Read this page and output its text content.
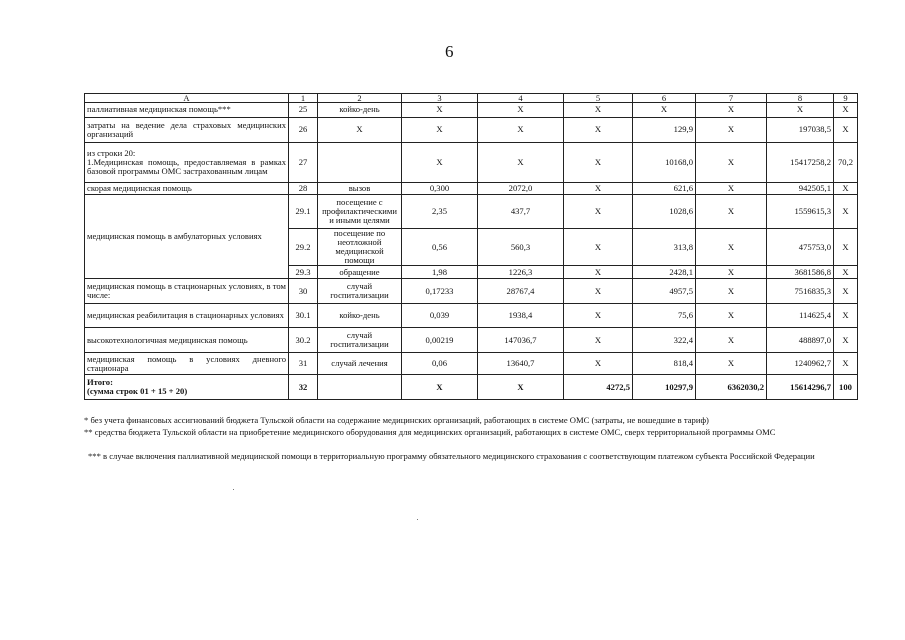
6
А	1	2	3	4	5	6	7	8	9
паллиативная медицинская помощь***	25	койко-день	Х	Х	Х	Х	Х	Х	Х
затраты на ведение дела страховых медицинских организаций	26	Х	Х	Х	Х	129,9	Х	197038,5	Х
из строки 20:
1.Медицинская помощь, предоставляемая в рамках базовой программы ОМС застрахованным лицам	27		Х	Х	Х	10168,0	Х	15417258,2	70,2
скорая медицинская помощь	28	вызов	0,300	2072,0	Х	621,6	Х	942505,1	Х
медицинская помощь в амбулаторных условиях	29.1	посещение с профилактическими и иными целями	2,35	437,7	Х	1028,6	Х	1559615,3	Х
	29.2	посещение по неотложной медицинской помощи	0,56	560,3	Х	313,8	Х	475753,0	Х
	29.3	обращение	1,98	1226,3	Х	2428,1	Х	3681586,8	Х
медицинская помощь в стационарных условиях, в том числе:	30	случай госпитализации	0,17233	28767,4	Х	4957,5	Х	7516835,3	Х
медицинская реабилитация в стационарных условиях	30.1	койко-день	0,039	1938,4	Х	75,6	Х	114625,4	Х
высокотехнологичная медицинская помощь	30.2	случай госпитализации	0,00219	147036,7	Х	322,4	Х	488897,0	Х
медицинская помощь в условиях дневного стационара	31	случай лечения	0,06	13640,7	Х	818,4	Х	1240962,7	Х
Итого:
(сумма строк 01 + 15 + 20)	32		Х	Х	4272,5	10297,9	6362030,2	15614296,7	100
* без учета финансовых ассигнований бюджета Тульской области на содержание медицинских организаций, работающих в системе ОМС (затраты, не вошедшие в тариф)
** средства бюджета Тульской области на приобретение медицинского оборудования для медицинских организаций, работающих в системе ОМС, сверх территориальной программы ОМС
*** в случае включения паллиативной медицинской помощи в территориальную программу обязательного медицинского страхования с соответствующим платежом субъекта Российской Федерации
